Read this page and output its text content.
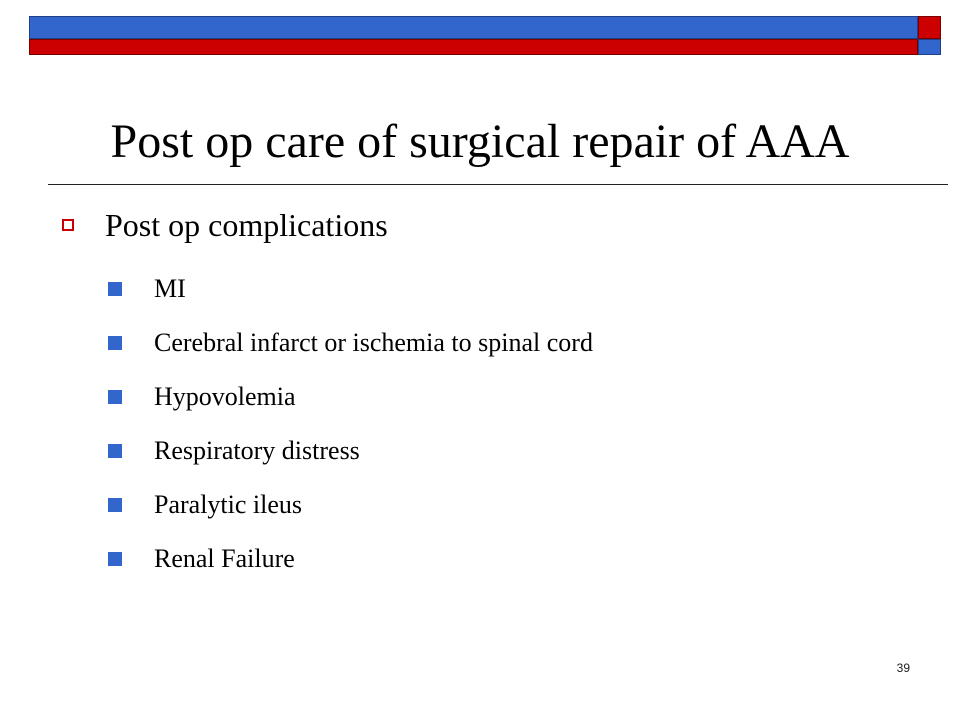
Post op care of surgical repair of AAA
Post op complications
MI
Cerebral infarct or ischemia to spinal cord
Hypovolemia
Respiratory distress
Paralytic ileus
Renal Failure
39
